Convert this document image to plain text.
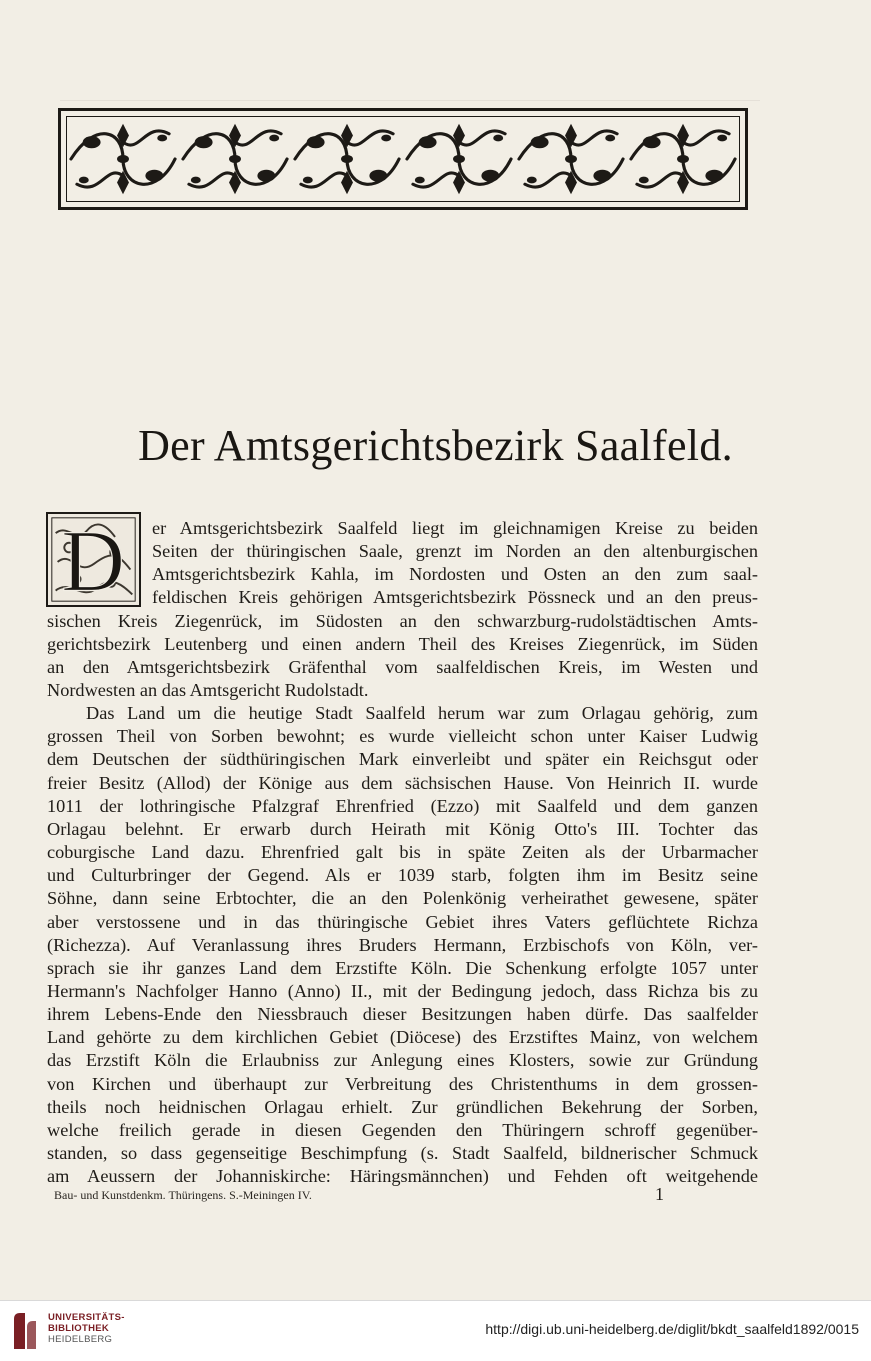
Der Amtsgerichtsbezirk Saalfeld.
D er Amtsgerichtsbezirk Saalfeld liegt im gleichnamigen Kreise zu beiden
Seiten der thüringischen Saale, grenzt im Norden an den altenburgischen
Amtsgerichtsbezirk Kahla, im Nordosten und Osten an den zum saal-
feldischen Kreis gehörigen Amtsgerichtsbezirk Pössneck und an den preus-
sischen Kreis Ziegenrück, im Südosten an den schwarzburg-rudolstädtischen Amts-
gerichtsbezirk Leutenberg und einen andern Theil des Kreises Ziegenrück, im Süden
an den Amtsgerichtsbezirk Gräfenthal vom saalfeldischen Kreis, im Westen und
Nordwesten an das Amtsgericht Rudolstadt.
Das Land um die heutige Stadt Saalfeld herum war zum Orlagau gehörig, zum
grossen Theil von Sorben bewohnt; es wurde vielleicht schon unter Kaiser Ludwig
dem Deutschen der südthüringischen Mark einverleibt und später ein Reichsgut oder
freier Besitz (Allod) der Könige aus dem sächsischen Hause. Von Heinrich II. wurde
1011 der lothringische Pfalzgraf Ehrenfried (Ezzo) mit Saalfeld und dem ganzen
Orlagau belehnt. Er erwarb durch Heirath mit König Otto's III. Tochter das
coburgische Land dazu. Ehrenfried galt bis in späte Zeiten als der Urbarmacher
und Culturbringer der Gegend. Als er 1039 starb, folgten ihm im Besitz seine
Söhne, dann seine Erbtochter, die an den Polenkönig verheirathet gewesene, später
aber verstossene und in das thüringische Gebiet ihres Vaters geflüchtete Richza
(Richezza). Auf Veranlassung ihres Bruders Hermann, Erzbischofs von Köln, ver-
sprach sie ihr ganzes Land dem Erzstifte Köln. Die Schenkung erfolgte 1057 unter
Hermann's Nachfolger Hanno (Anno) II., mit der Bedingung jedoch, dass Richza bis zu
ihrem Lebens-Ende den Niessbrauch dieser Besitzungen haben dürfe. Das saalfelder
Land gehörte zu dem kirchlichen Gebiet (Diöcese) des Erzstiftes Mainz, von welchem
das Erzstift Köln die Erlaubniss zur Anlegung eines Klosters, sowie zur Gründung
von Kirchen und überhaupt zur Verbreitung des Christenthums in dem grossen-
theils noch heidnischen Orlagau erhielt. Zur gründlichen Bekehrung der Sorben,
welche freilich gerade in diesen Gegenden den Thüringern schroff gegenüber-
standen, so dass gegenseitige Beschimpfung (s. Stadt Saalfeld, bildnerischer Schmuck
am Aeussern der Johanniskirche: Häringsmännchen) und Fehden oft weitgehende
Bau- und Kunstdenkm. Thüringens. S.-Meiningen IV.	1
UNIVERSITÄTS-
BIBLIOTHEK
HEIDELBERG
http://digi.ub.uni-heidelberg.de/diglit/bkdt_saalfeld1892/0015
